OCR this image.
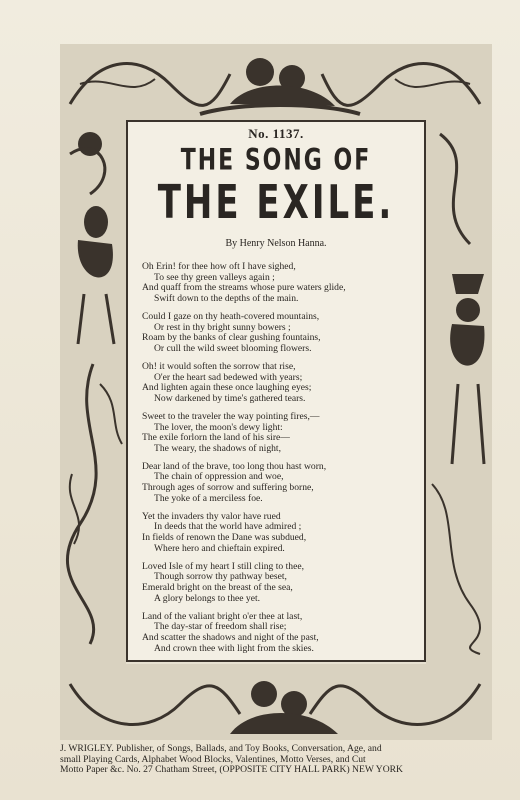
No. 1137.
THE SONG OF
THE EXILE.
By Henry Nelson Hanna.
Oh Erin! for thee how oft I have sighed,
To see thy green valleys again ;
And quaff from the streams whose pure waters glide,
Swift down to the depths of the main.
Could I gaze on thy heath-covered mountains,
Or rest in thy bright sunny bowers ;
Roam by the banks of clear gushing fountains,
Or cull the wild sweet blooming flowers.
Oh! it would soften the sorrow that rise,
O'er the heart sad bedewed with years;
And lighten again these once laughing eyes;
Now darkened by time's gathered tears.
Sweet to the traveler the way pointing fires,—
The lover, the moon's dewy light:
The exile forlorn the land of his sire—
The weary, the shadows of night,
Dear land of the brave, too long thou hast worn,
The chain of oppression and woe,
Through ages of sorrow and suffering borne,
The yoke of a merciless foe.
Yet the invaders thy valor have rued
In deeds that the world have admired ;
In fields of renown the Dane was subdued,
Where hero and chieftain expired.
Loved Isle of my heart I still cling to thee,
Though sorrow thy pathway beset,
Emerald bright on the breast of the sea,
A glory belongs to thee yet.
Land of the valiant bright o'er thee at last,
The day-star of freedom shall rise;
And scatter the shadows and night of the past,
And crown thee with light from the skies.
J. WRIGLEY. Publisher, of Songs, Ballads, and Toy Books, Conversation, Age, and
small Playing Cards, Alphabet Wood Blocks, Valentines, Motto Verses, and Cut
Motto Paper &c. No. 27 Chatham Street, (OPPOSITE CITY HALL PARK) NEW YORK
